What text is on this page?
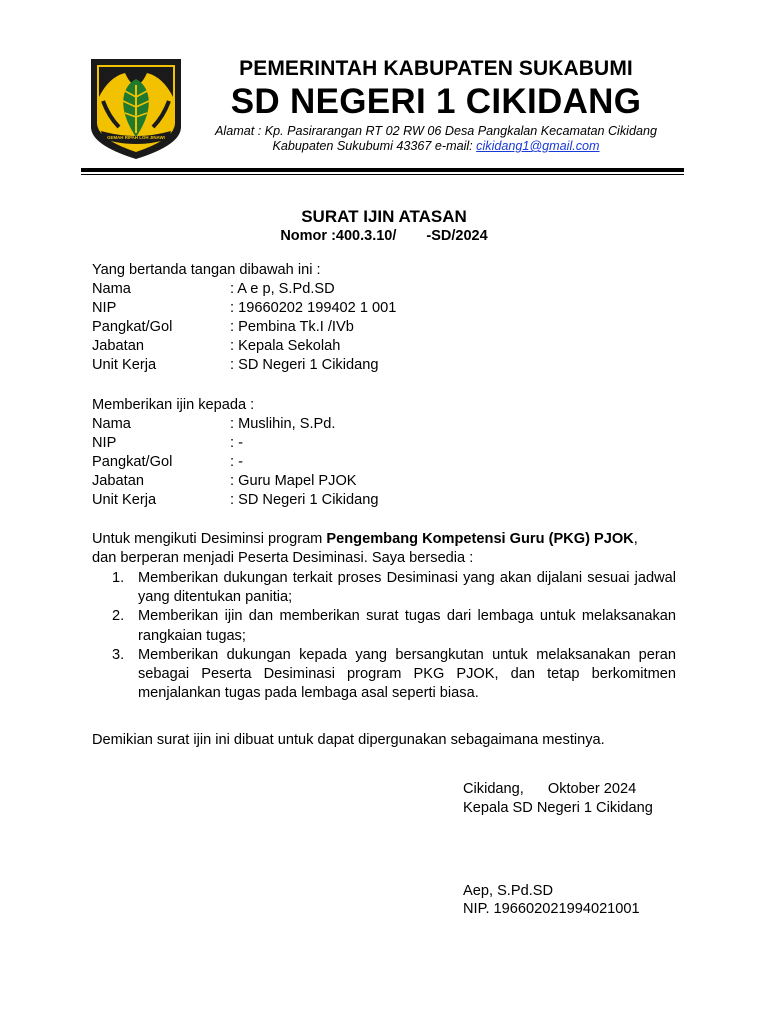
GEMAH RIPAH LOH JINAWI
PEMERINTAH KABUPATEN SUKABUMI
SD NEGERI 1 CIKIDANG
Alamat : Kp. Pasirarangan RT 02 RW 06 Desa Pangkalan Kecamatan Cikidang
Kabupaten Sukubumi 43367 e-mail: cikidang1@gmail.com
SURAT IJIN ATASAN
Nomor :400.3.10/ -SD/2024
Yang bertanda tangan dibawah ini :
Nama	: A e p, S.Pd.SD
NIP	: 19660202 199402 1 001
Pangkat/Gol	: Pembina Tk.I /IVb
Jabatan	: Kepala Sekolah
Unit Kerja	: SD Negeri 1 Cikidang
Memberikan ijin kepada :
Nama	: Muslihin, S.Pd.
NIP	: -
Pangkat/Gol	: -
Jabatan	: Guru Mapel PJOK
Unit Kerja	: SD Negeri 1 Cikidang
Untuk mengikuti Desiminsi program Pengembang Kompetensi Guru (PKG) PJOK,
dan berperan menjadi Peserta Desiminasi. Saya bersedia :
1. Memberikan dukungan terkait proses Desiminasi yang akan dijalani sesuai jadwal yang ditentukan panitia;
2. Memberikan ijin dan memberikan surat tugas dari lembaga untuk melaksanakan rangkaian tugas;
3. Memberikan dukungan kepada yang bersangkutan untuk melaksanakan peran sebagai Peserta Desiminasi program PKG PJOK, dan tetap berkomitmen menjalankan tugas pada lembaga asal seperti biasa.
Demikian surat ijin ini dibuat untuk dapat dipergunakan sebagaimana mestinya.
Cikidang, Oktober 2024
Kepala SD Negeri 1 Cikidang
Aep, S.Pd.SD
NIP. 196602021994021001
